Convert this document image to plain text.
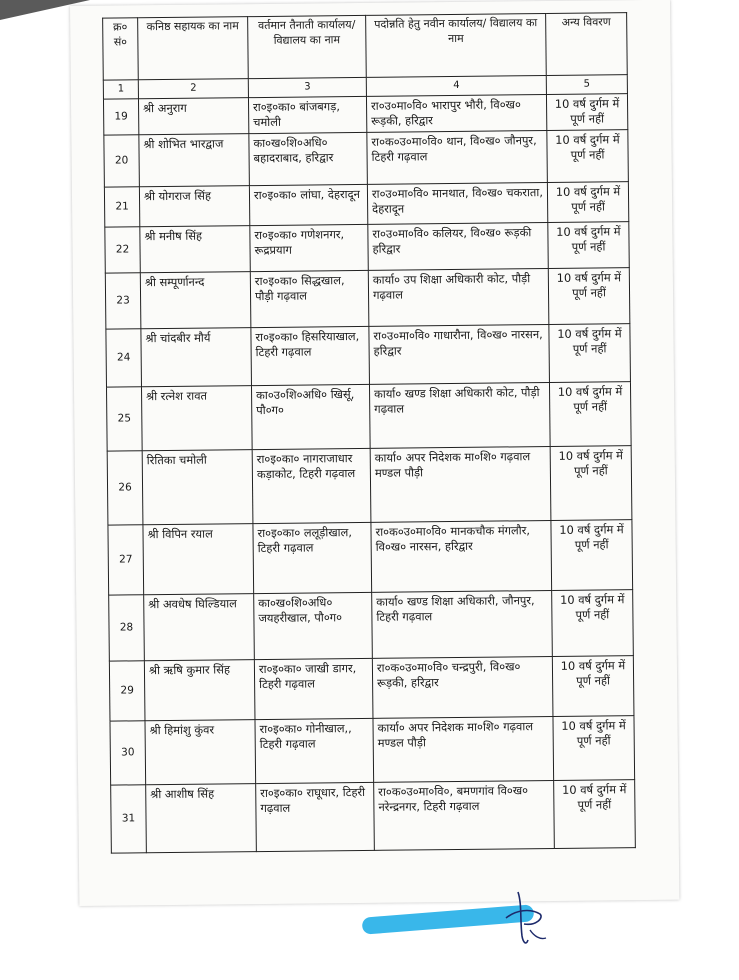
क्र० सं०	कनिष्ठ सहायक का नाम	वर्तमान तैनाती कार्यालय/ विद्यालय का नाम	पदोन्नति हेतु नवीन कार्यालय/ विद्यालय का नाम	अन्य विवरण
1	2	3	4	5
19	श्री अनुराग	रा०इ०का० बांजबगड़, चमोली	रा०उ०मा०वि० भारापुर भौरी, वि०ख० रूड़की, हरिद्वार	10 वर्ष दुर्गम में पूर्ण नहीं
20	श्री शोभित भारद्वाज	का०ख०शि०अधि० बहादराबाद, हरिद्वार	रा०क०उ०मा०वि० थान, वि०ख० जौनपुर, टिहरी गढ़वाल	10 वर्ष दुर्गम में पूर्ण नहीं
21	श्री योगराज सिंह	रा०इ०का० लांघा, देहरादून	रा०उ०मा०वि० मानथात, वि०ख० चकराता, देहरादून	10 वर्ष दुर्गम में पूर्ण नहीं
22	श्री मनीष सिंह	रा०इ०का० गणेशनगर, रूद्रप्रयाग	रा०उ०मा०वि० कलियर, वि०ख० रूड़की हरिद्वार	10 वर्ष दुर्गम में पूर्ण नहीं
23	श्री सम्पूर्णानन्द	रा०इ०का० सिद्धखाल, पौड़ी गढ़वाल	कार्या० उप शिक्षा अधिकारी कोट, पौड़ी गढ़वाल	10 वर्ष दुर्गम में पूर्ण नहीं
24	श्री चांदबीर मौर्य	रा०इ०का० हिसरियाखाल, टिहरी गढ़वाल	रा०उ०मा०वि० गाधारौना, वि०ख० नारसन, हरिद्वार	10 वर्ष दुर्गम में पूर्ण नहीं
25	श्री रत्नेश रावत	का०उ०शि०अधि० खिर्सू, पौ०ग०	कार्या० खण्ड शिक्षा अधिकारी कोट, पौड़ी गढ़वाल	10 वर्ष दुर्गम में पूर्ण नहीं
26	रितिका चमोली	रा०इ०का० नागराजाधार कड़ाकोट, टिहरी गढ़वाल	कार्या० अपर निदेशक मा०शि० गढ़वाल मण्डल पौड़ी	10 वर्ष दुर्गम में पूर्ण नहीं
27	श्री विपिन रयाल	रा०इ०का० ललूड़ीखाल, टिहरी गढ़वाल	रा०क०उ०मा०वि० मानकचौक मंगलौर, वि०ख० नारसन, हरिद्वार	10 वर्ष दुर्गम में पूर्ण नहीं
28	श्री अवधेष घिल्डियाल	का०ख०शि०अधि० जयहरीखाल, पौ०ग०	कार्या० खण्ड शिक्षा अधिकारी, जौनपुर, टिहरी गढ़वाल	10 वर्ष दुर्गम में पूर्ण नहीं
29	श्री ऋषि कुमार सिंह	रा०इ०का० जाखी डागर, टिहरी गढ़वाल	रा०क०उ०मा०वि० चन्द्रपुरी, वि०ख० रूड़की, हरिद्वार	10 वर्ष दुर्गम में पूर्ण नहीं
30	श्री हिमांशु कुंवर	रा०इ०का० गोनीखाल,, टिहरी गढ़वाल	कार्या० अपर निदेशक मा०शि० गढ़वाल मण्डल पौड़ी	10 वर्ष दुर्गम में पूर्ण नहीं
31	श्री आशीष सिंह	रा०इ०का० राघूधार, टिहरी गढ़वाल	रा०क०उ०मा०वि०, बमणगांव वि०ख० नरेन्द्रनगर, टिहरी गढ़वाल	10 वर्ष दुर्गम में पूर्ण नहीं
